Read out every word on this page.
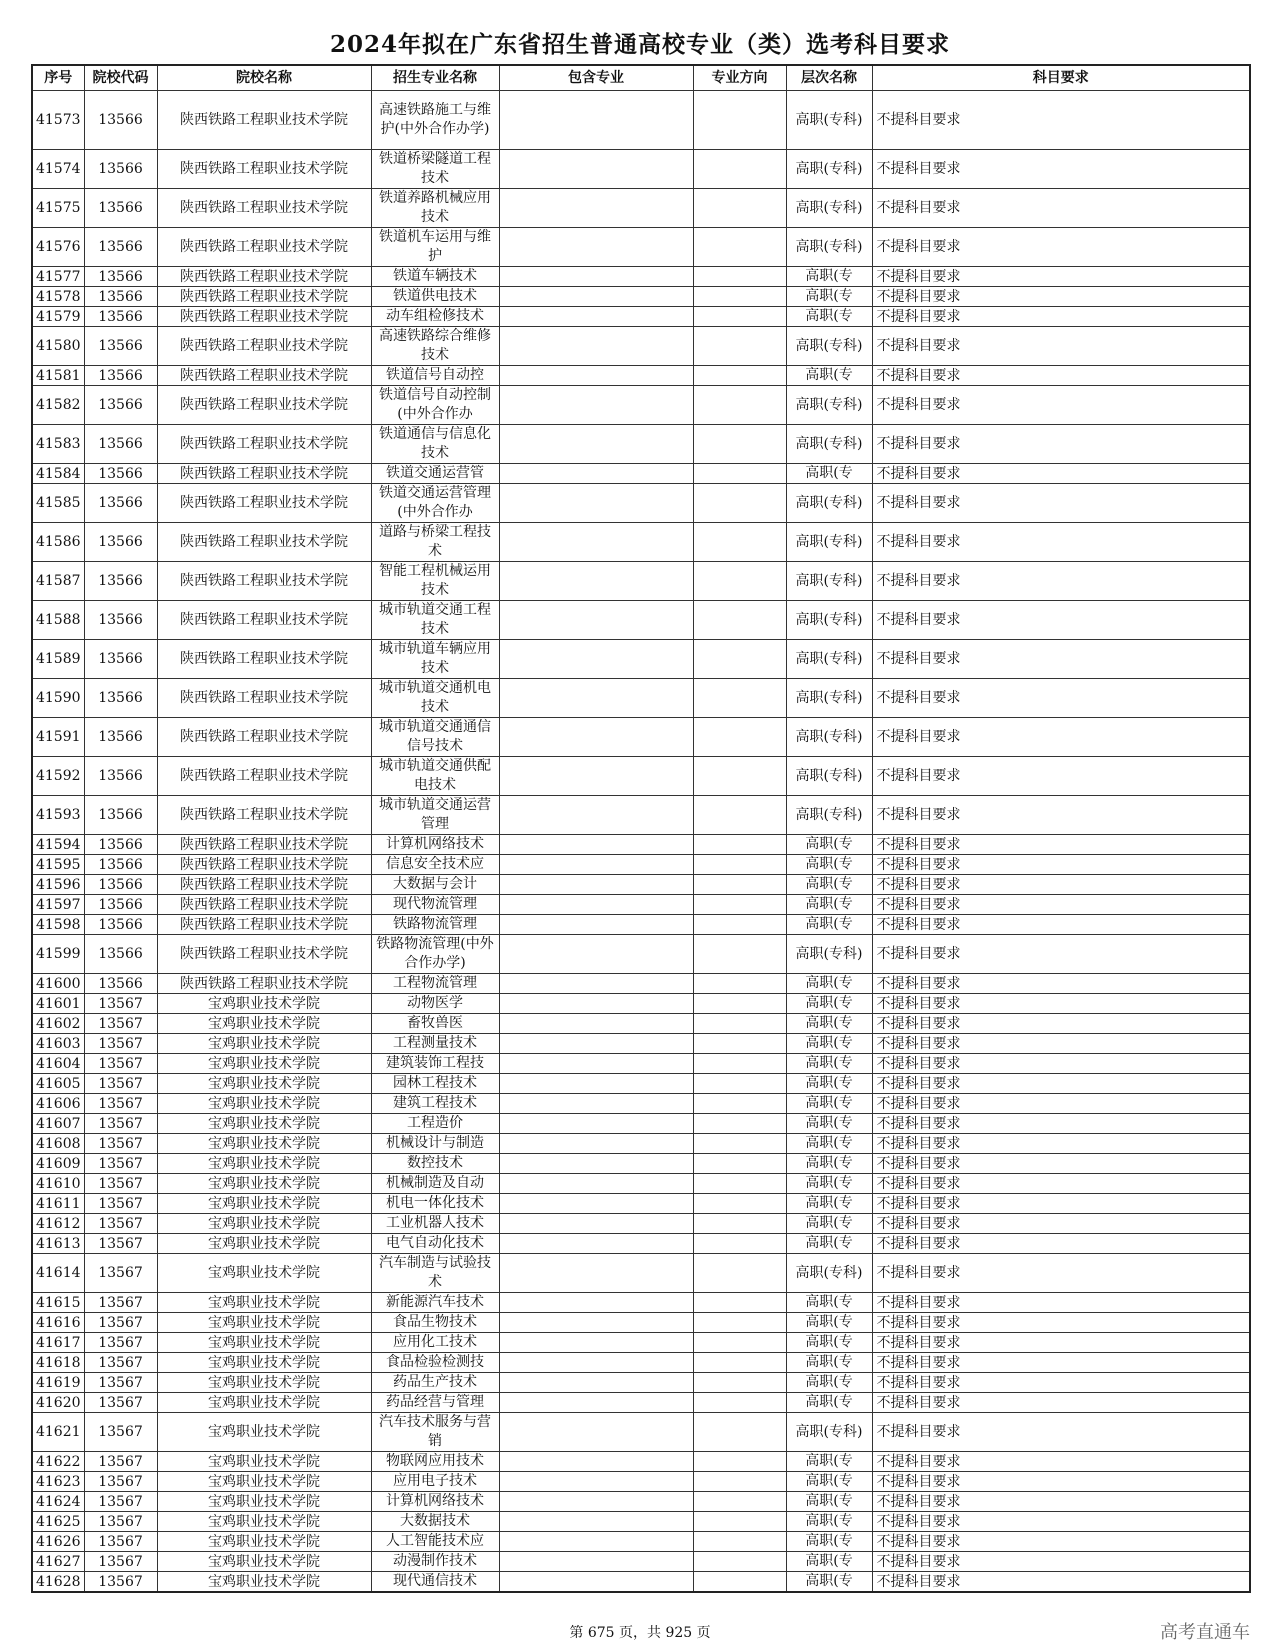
2024年拟在广东省招生普通高校专业（类）选考科目要求
序号	院校代码	院校名称	招生专业名称	包含专业	专业方向	层次名称	科目要求
41573	13566	陕西铁路工程职业技术学院	高速铁路施工与维护(中外合作办学)			高职(专科)	不提科目要求
41574	13566	陕西铁路工程职业技术学院	铁道桥梁隧道工程技术			高职(专科)	不提科目要求
41575	13566	陕西铁路工程职业技术学院	铁道养路机械应用技术			高职(专科)	不提科目要求
41576	13566	陕西铁路工程职业技术学院	铁道机车运用与维护			高职(专科)	不提科目要求
41577	13566	陕西铁路工程职业技术学院	铁道车辆技术			高职(专	不提科目要求
41578	13566	陕西铁路工程职业技术学院	铁道供电技术			高职(专	不提科目要求
41579	13566	陕西铁路工程职业技术学院	动车组检修技术			高职(专	不提科目要求
41580	13566	陕西铁路工程职业技术学院	高速铁路综合维修技术			高职(专科)	不提科目要求
41581	13566	陕西铁路工程职业技术学院	铁道信号自动控			高职(专	不提科目要求
41582	13566	陕西铁路工程职业技术学院	铁道信号自动控制(中外合作办			高职(专科)	不提科目要求
41583	13566	陕西铁路工程职业技术学院	铁道通信与信息化技术			高职(专科)	不提科目要求
41584	13566	陕西铁路工程职业技术学院	铁道交通运营管			高职(专	不提科目要求
41585	13566	陕西铁路工程职业技术学院	铁道交通运营管理(中外合作办			高职(专科)	不提科目要求
41586	13566	陕西铁路工程职业技术学院	道路与桥梁工程技术			高职(专科)	不提科目要求
41587	13566	陕西铁路工程职业技术学院	智能工程机械运用技术			高职(专科)	不提科目要求
41588	13566	陕西铁路工程职业技术学院	城市轨道交通工程技术			高职(专科)	不提科目要求
41589	13566	陕西铁路工程职业技术学院	城市轨道车辆应用技术			高职(专科)	不提科目要求
41590	13566	陕西铁路工程职业技术学院	城市轨道交通机电技术			高职(专科)	不提科目要求
41591	13566	陕西铁路工程职业技术学院	城市轨道交通通信信号技术			高职(专科)	不提科目要求
41592	13566	陕西铁路工程职业技术学院	城市轨道交通供配电技术			高职(专科)	不提科目要求
41593	13566	陕西铁路工程职业技术学院	城市轨道交通运营管理			高职(专科)	不提科目要求
41594	13566	陕西铁路工程职业技术学院	计算机网络技术			高职(专	不提科目要求
41595	13566	陕西铁路工程职业技术学院	信息安全技术应			高职(专	不提科目要求
41596	13566	陕西铁路工程职业技术学院	大数据与会计			高职(专	不提科目要求
41597	13566	陕西铁路工程职业技术学院	现代物流管理			高职(专	不提科目要求
41598	13566	陕西铁路工程职业技术学院	铁路物流管理			高职(专	不提科目要求
41599	13566	陕西铁路工程职业技术学院	铁路物流管理(中外合作办学)			高职(专科)	不提科目要求
41600	13566	陕西铁路工程职业技术学院	工程物流管理			高职(专	不提科目要求
41601	13567	宝鸡职业技术学院	动物医学			高职(专	不提科目要求
41602	13567	宝鸡职业技术学院	畜牧兽医			高职(专	不提科目要求
41603	13567	宝鸡职业技术学院	工程测量技术			高职(专	不提科目要求
41604	13567	宝鸡职业技术学院	建筑装饰工程技			高职(专	不提科目要求
41605	13567	宝鸡职业技术学院	园林工程技术			高职(专	不提科目要求
41606	13567	宝鸡职业技术学院	建筑工程技术			高职(专	不提科目要求
41607	13567	宝鸡职业技术学院	工程造价			高职(专	不提科目要求
41608	13567	宝鸡职业技术学院	机械设计与制造			高职(专	不提科目要求
41609	13567	宝鸡职业技术学院	数控技术			高职(专	不提科目要求
41610	13567	宝鸡职业技术学院	机械制造及自动			高职(专	不提科目要求
41611	13567	宝鸡职业技术学院	机电一体化技术			高职(专	不提科目要求
41612	13567	宝鸡职业技术学院	工业机器人技术			高职(专	不提科目要求
41613	13567	宝鸡职业技术学院	电气自动化技术			高职(专	不提科目要求
41614	13567	宝鸡职业技术学院	汽车制造与试验技术			高职(专科)	不提科目要求
41615	13567	宝鸡职业技术学院	新能源汽车技术			高职(专	不提科目要求
41616	13567	宝鸡职业技术学院	食品生物技术			高职(专	不提科目要求
41617	13567	宝鸡职业技术学院	应用化工技术			高职(专	不提科目要求
41618	13567	宝鸡职业技术学院	食品检验检测技			高职(专	不提科目要求
41619	13567	宝鸡职业技术学院	药品生产技术			高职(专	不提科目要求
41620	13567	宝鸡职业技术学院	药品经营与管理			高职(专	不提科目要求
41621	13567	宝鸡职业技术学院	汽车技术服务与营销			高职(专科)	不提科目要求
41622	13567	宝鸡职业技术学院	物联网应用技术			高职(专	不提科目要求
41623	13567	宝鸡职业技术学院	应用电子技术			高职(专	不提科目要求
41624	13567	宝鸡职业技术学院	计算机网络技术			高职(专	不提科目要求
41625	13567	宝鸡职业技术学院	大数据技术			高职(专	不提科目要求
41626	13567	宝鸡职业技术学院	人工智能技术应			高职(专	不提科目要求
41627	13567	宝鸡职业技术学院	动漫制作技术			高职(专	不提科目要求
41628	13567	宝鸡职业技术学院	现代通信技术			高职(专	不提科目要求
第 675 页，共 925 页	高考直通车
